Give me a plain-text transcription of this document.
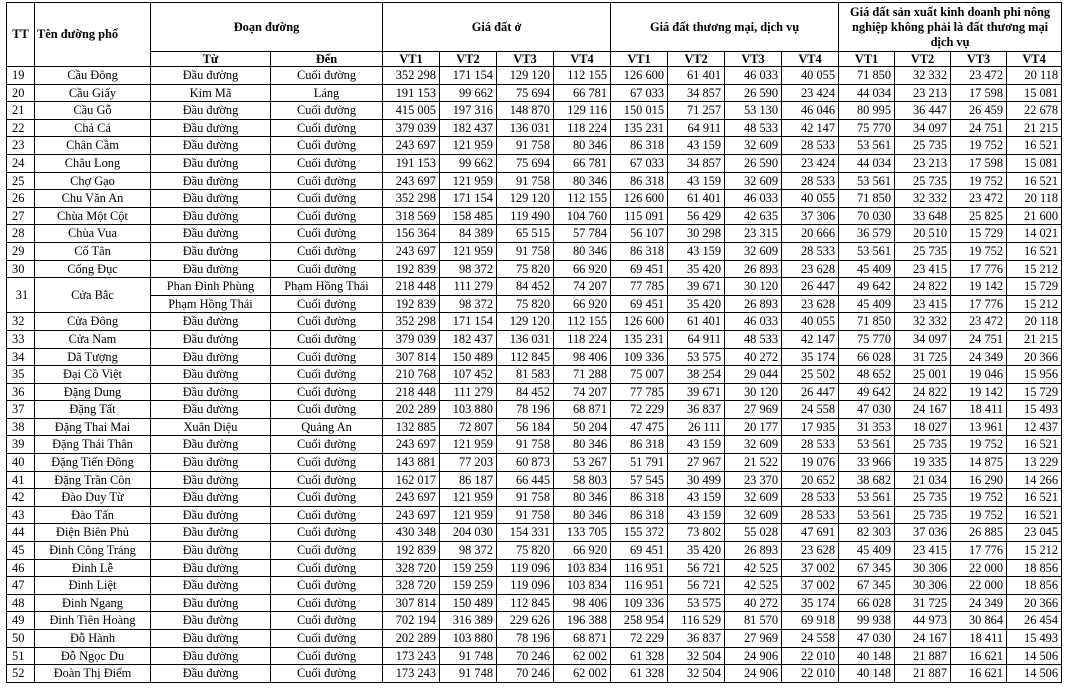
TT	Tên đường phố	Đoạn đường		Giá đất ở				Giá đất thương mại, dịch vụ				Giá đất sản xuất kinh doanh phi nông nghiệp không phải là đất thương mại dịch vụ			
		Từ	Đến	VT1	VT2	VT3	VT4	VT1	VT2	VT3	VT4	VT1	VT2	VT3	VT4
19	Cầu Đông	Đầu đường	Cuối đường	352 298	171 154	129 120	112 155	126 600	61 401	46 033	40 055	71 850	32 332	23 472	20 118
20	Cầu Giấy	Kim Mã	Láng	191 153	99 662	75 694	66 781	67 033	34 857	26 590	23 424	44 034	23 213	17 598	15 081
21	Cầu Gỗ	Đầu đường	Cuối đường	415 005	197 316	148 870	129 116	150 015	71 257	53 130	46 046	80 995	36 447	26 459	22 678
22	Chả Cá	Đầu đường	Cuối đường	379 039	182 437	136 031	118 224	135 231	64 911	48 533	42 147	75 770	34 097	24 751	21 215
23	Chân Cầm	Đầu đường	Cuối đường	243 697	121 959	91 758	80 346	86 318	43 159	32 609	28 533	53 561	25 735	19 752	16 521
24	Châu Long	Đầu đường	Cuối đường	191 153	99 662	75 694	66 781	67 033	34 857	26 590	23 424	44 034	23 213	17 598	15 081
25	Chợ Gạo	Đầu đường	Cuối đường	243 697	121 959	91 758	80 346	86 318	43 159	32 609	28 533	53 561	25 735	19 752	16 521
26	Chu Văn An	Đầu đường	Cuối đường	352 298	171 154	129 120	112 155	126 600	61 401	46 033	40 055	71 850	32 332	23 472	20 118
27	Chùa Một Cột	Đầu đường	Cuối đường	318 569	158 485	119 490	104 760	115 091	56 429	42 635	37 306	70 030	33 648	25 825	21 600
28	Chùa Vua	Đầu đường	Cuối đường	156 364	84 389	65 515	57 784	56 107	30 298	23 315	20 666	36 579	20 510	15 729	14 021
29	Cổ Tân	Đầu đường	Cuối đường	243 697	121 959	91 758	80 346	86 318	43 159	32 609	28 533	53 561	25 735	19 752	16 521
30	Cống Đục	Đầu đường	Cuối đường	192 839	98 372	75 820	66 920	69 451	35 420	26 893	23 628	45 409	23 415	17 776	15 212
31	Cửa Bắc	Phan Đình Phùng	Phạm Hồng Thái	218 448	111 279	84 452	74 207	77 785	39 671	30 120	26 447	49 642	24 822	19 142	15 729
		Phạm Hồng Thái	Cuối đường	192 839	98 372	75 820	66 920	69 451	35 420	26 893	23 628	45 409	23 415	17 776	15 212
32	Cửa Đông	Đầu đường	Cuối đường	352 298	171 154	129 120	112 155	126 600	61 401	46 033	40 055	71 850	32 332	23 472	20 118
33	Cửa Nam	Đầu đường	Cuối đường	379 039	182 437	136 031	118 224	135 231	64 911	48 533	42 147	75 770	34 097	24 751	21 215
34	Dã Tượng	Đầu đường	Cuối đường	307 814	150 489	112 845	98 406	109 336	53 575	40 272	35 174	66 028	31 725	24 349	20 366
35	Đại Cồ Việt	Đầu đường	Cuối đường	210 768	107 452	81 583	71 288	75 007	38 254	29 044	25 502	48 652	25 001	19 046	15 956
36	Đặng Dung	Đầu đường	Cuối đường	218 448	111 279	84 452	74 207	77 785	39 671	30 120	26 447	49 642	24 822	19 142	15 729
37	Đặng Tất	Đầu đường	Cuối đường	202 289	103 880	78 196	68 871	72 229	36 837	27 969	24 558	47 030	24 167	18 411	15 493
38	Đặng Thai Mai	Xuân Diệu	Quảng An	132 885	72 807	56 184	50 204	47 475	26 111	20 177	17 935	31 353	18 027	13 961	12 437
39	Đặng Thái Thân	Đầu đường	Cuối đường	243 697	121 959	91 758	80 346	86 318	43 159	32 609	28 533	53 561	25 735	19 752	16 521
40	Đặng Tiến Đông	Đầu đường	Cuối đường	143 881	77 203	60 873	53 267	51 791	27 967	21 522	19 076	33 966	19 335	14 875	13 229
41	Đặng Trần Côn	Đầu đường	Cuối đường	162 017	86 187	66 445	58 803	57 545	30 499	23 370	20 652	38 682	21 034	16 290	14 266
42	Đào Duy Từ	Đầu đường	Cuối đường	243 697	121 959	91 758	80 346	86 318	43 159	32 609	28 533	53 561	25 735	19 752	16 521
43	Đào Tấn	Đầu đường	Cuối đường	243 697	121 959	91 758	80 346	86 318	43 159	32 609	28 533	53 561	25 735	19 752	16 521
44	Điện Biên Phủ	Đầu đường	Cuối đường	430 348	204 030	154 331	133 705	155 372	73 802	55 028	47 691	82 303	37 036	26 885	23 045
45	Đinh Công Tráng	Đầu đường	Cuối đường	192 839	98 372	75 820	66 920	69 451	35 420	26 893	23 628	45 409	23 415	17 776	15 212
46	Đinh Lễ	Đầu đường	Cuối đường	328 720	159 259	119 096	103 834	116 951	56 721	42 525	37 002	67 345	30 306	22 000	18 856
47	Đinh Liệt	Đầu đường	Cuối đường	328 720	159 259	119 096	103 834	116 951	56 721	42 525	37 002	67 345	30 306	22 000	18 856
48	Đinh Ngang	Đầu đường	Cuối đường	307 814	150 489	112 845	98 406	109 336	53 575	40 272	35 174	66 028	31 725	24 349	20 366
49	Đinh Tiên Hoàng	Đầu đường	Cuối đường	702 194	316 389	229 626	196 388	258 954	116 529	81 570	69 918	99 938	44 973	30 864	26 454
50	Đỗ Hành	Đầu đường	Cuối đường	202 289	103 880	78 196	68 871	72 229	36 837	27 969	24 558	47 030	24 167	18 411	15 493
51	Đỗ Ngọc Du	Đầu đường	Cuối đường	173 243	91 748	70 246	62 002	61 328	32 504	24 906	22 010	40 148	21 887	16 621	14 506
52	Đoàn Thị Điểm	Đầu đường	Cuối đường	173 243	91 748	70 246	62 002	61 328	32 504	24 906	22 010	40 148	21 887	16 621	14 506
